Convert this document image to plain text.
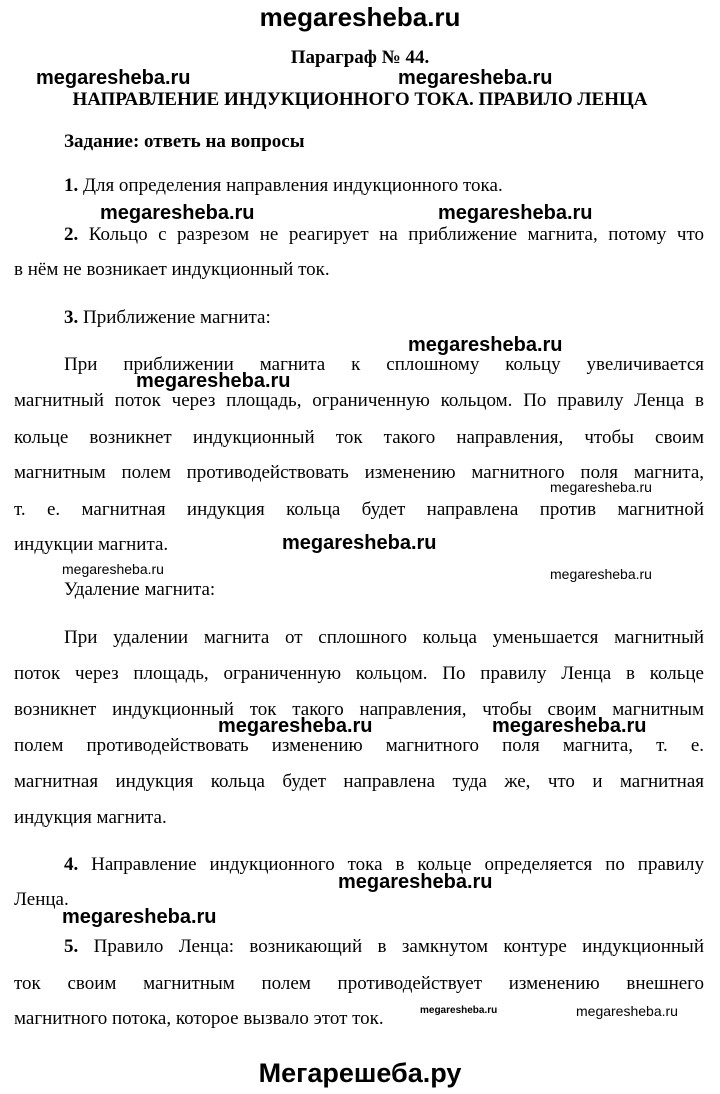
megaresheba.ru
Параграф № 44.
НАПРАВЛЕНИЕ ИНДУКЦИОННОГО ТОКА. ПРАВИЛО ЛЕНЦА
Задание: ответь на вопросы
1. Для определения направления индукционного тока.
2. Кольцо с разрезом не реагирует на приближение магнита, потому что
в нём не возникает индукционный ток.
3. Приближение магнита:
При приближении магнита к сплошному кольцу увеличивается
магнитный поток через площадь, ограниченную кольцом. По правилу Ленца в
кольце возникнет индукционный ток такого направления, чтобы своим
магнитным полем противодействовать изменению магнитного поля магнита,
т. е. магнитная индукция кольца будет направлена против магнитной
индукции магнита.
Удаление магнита:
При удалении магнита от сплошного кольца уменьшается магнитный
поток через площадь, ограниченную кольцом. По правилу Ленца в кольце
возникнет индукционный ток такого направления, чтобы своим магнитным
полем противодействовать изменению магнитного поля магнита, т. е.
магнитная индукция кольца будет направлена туда же, что и магнитная
индукция магнита.
4. Направление индукционного тока в кольце определяется по правилу
Ленца.
5. Правило Ленца: возникающий в замкнутом контуре индукционный
ток своим магнитным полем противодействует изменению внешнего
магнитного потока, которое вызвало этот ток.
megaresheba.ru	megaresheba.ru
megaresheba.ru	megaresheba.ru
megaresheba.ru
megaresheba.ru
megaresheba.ru
megaresheba.ru
megaresheba.ru	megaresheba.ru
megaresheba.ru	megaresheba.ru
megaresheba.ru
megaresheba.ru
megaresheba.ru	megaresheba.ru
Мегарешеба.ру
